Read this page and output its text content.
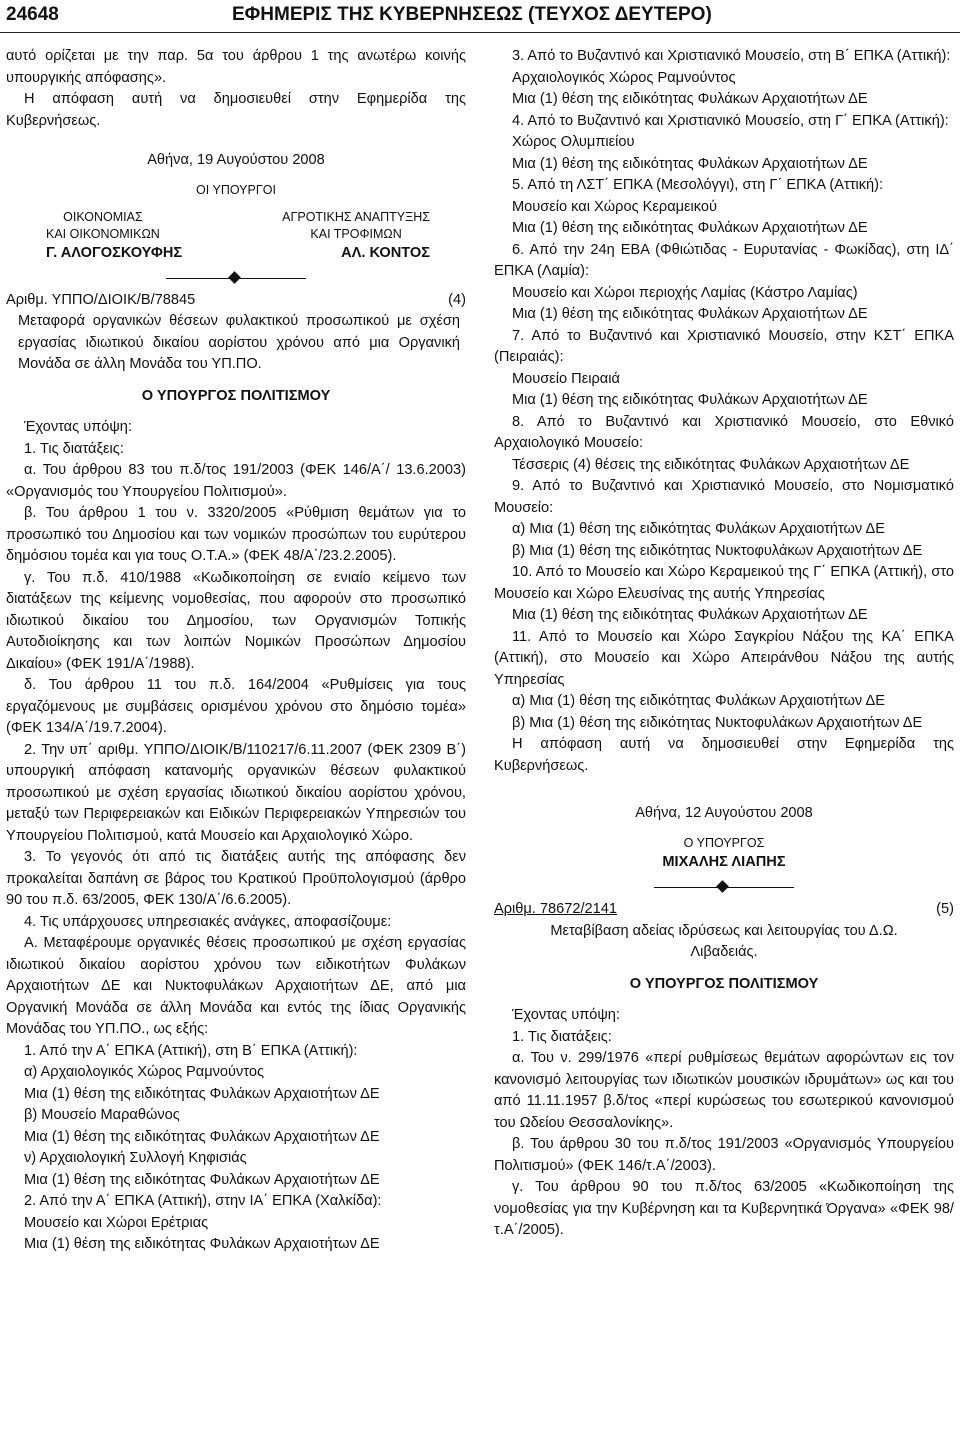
24648	ΕΦΗΜΕΡΙΣ ΤΗΣ ΚΥΒΕΡΝΗΣΕΩΣ (ΤΕΥΧΟΣ ΔΕΥΤΕΡΟ)

αυτό ορίζεται με την παρ. 5α του άρθρου 1 της ανωτέρω κοινής υπουργικής απόφασης».

Η απόφαση αυτή να δημοσιευθεί στην Εφημερίδα της Κυβερνήσεως.

Αθήνα, 19 Αυγούστου 2008

ΟΙ ΥΠΟΥΡΓΟΙ

ΟΙΚΟΝΟΜΙΑΣ
ΚΑΙ ΟΙΚΟΝΟΜΙΚΩΝ
ΑΓΡΟΤΙΚΗΣ ΑΝΑΠΤΥΞΗΣ
ΚΑΙ ΤΡΟΦΙΜΩΝ
Γ. ΑΛΟΓΟΣΚΟΥΦΗΣ	ΑΛ. ΚΟΝΤΟΣ
Αριθμ. ΥΠΠΟ/ΔΙΟΙΚ/Β/78845	(4)

Μεταφορά οργανικών θέσεων φυλακτικού προσωπικού με σχέση εργασίας ιδιωτικού δικαίου αορίστου χρόνου από μια Οργανική Μονάδα σε άλλη Μονάδα του ΥΠ.ΠΟ.

Ο ΥΠΟΥΡΓΟΣ ΠΟΛΙΤΙΣΜΟΥ

Έχοντας υπόψη:

1. Τις διατάξεις:

α. Του άρθρου 83 του π.δ/τος 191/2003 (ΦΕΚ 146/Α΄/ 13.6.2003) «Οργανισμός του Υπουργείου Πολιτισμού».

β. Του άρθρου 1 του ν. 3320/2005 «Ρύθμιση θεμάτων για το προσωπικό του Δημοσίου και των νομικών προσώπων του ευρύτερου δημόσιου τομέα και για τους Ο.Τ.Α.» (ΦΕΚ 48/Α΄/23.2.2005).

γ. Του π.δ. 410/1988 «Κωδικοποίηση σε ενιαίο κείμενο των διατάξεων της κείμενης νομοθεσίας, που αφορούν στο προσωπικό ιδιωτικού δικαίου του Δημοσίου, των Οργανισμών Τοπικής Αυτοδιοίκησης και των λοιπών Νομικών Προσώπων Δημοσίου Δικαίου» (ΦΕΚ 191/Α΄/1988).

δ. Του άρθρου 11 του π.δ. 164/2004 «Ρυθμίσεις για τους εργαζόμενους με συμβάσεις ορισμένου χρόνου στο δημόσιο τομέα» (ΦΕΚ 134/Α΄/19.7.2004).

2. Την υπ΄ αριθμ. ΥΠΠΟ/ΔΙΟΙΚ/Β/110217/6.11.2007 (ΦΕΚ 2309 Β΄) υπουργική απόφαση κατανομής οργανικών θέσεων φυλακτικού προσωπικού με σχέση εργασίας ιδιωτικού δικαίου αορίστου χρόνου, μεταξύ των Περιφερειακών και Ειδικών Περιφερειακών Υπηρεσιών του Υπουργείου Πολιτισμού, κατά Μουσείο και Αρχαιολογικό Χώρο.

3. Το γεγονός ότι από τις διατάξεις αυτής της απόφασης δεν προκαλείται δαπάνη σε βάρος του Κρατικού Προϋπολογισμού (άρθρο 90 του π.δ. 63/2005, ΦΕΚ 130/Α΄/6.6.2005).

4. Τις υπάρχουσες υπηρεσιακές ανάγκες, αποφασίζουμε:

Α. Μεταφέρουμε οργανικές θέσεις προσωπικού με σχέση εργασίας ιδιωτικού δικαίου αορίστου χρόνου των ειδικοτήτων Φυλάκων Αρχαιοτήτων ΔΕ και Νυκτοφυλάκων Αρχαιοτήτων ΔΕ, από μια Οργανική Μονάδα σε άλλη Μονάδα και εντός της ίδιας Οργανικής Μονάδας του ΥΠ.ΠΟ., ως εξής:

1. Από την Α΄ ΕΠΚΑ (Αττική), στη Β΄ ΕΠΚΑ (Αττική):

α) Αρχαιολογικός Χώρος Ραμνούντος

Μια (1) θέση της ειδικότητας Φυλάκων Αρχαιοτήτων ΔΕ

β) Μουσείο Μαραθώνος

Μια (1) θέση της ειδικότητας Φυλάκων Αρχαιοτήτων ΔΕ

ν) Αρχαιολογική Συλλογή Κηφισιάς

Μια (1) θέση της ειδικότητας Φυλάκων Αρχαιοτήτων ΔΕ

2. Από την Α΄ ΕΠΚΑ (Αττική), στην ΙΑ΄ ΕΠΚΑ (Χαλκίδα):

Μουσείο και Χώροι Ερέτριας

Μια (1) θέση της ειδικότητας Φυλάκων Αρχαιοτήτων ΔΕ

3. Από το Βυζαντινό και Χριστιανικό Μουσείο, στη Β΄ ΕΠΚΑ (Αττική):

Αρχαιολογικός Χώρος Ραμνούντος

Μια (1) θέση της ειδικότητας Φυλάκων Αρχαιοτήτων ΔΕ

4. Από το Βυζαντινό και Χριστιανικό Μουσείο, στη Γ΄ ΕΠΚΑ (Αττική):

Χώρος Ολυμπιείου

Μια (1) θέση της ειδικότητας Φυλάκων Αρχαιοτήτων ΔΕ

5. Από τη ΛΣΤ΄ ΕΠΚΑ (Μεσολόγγι), στη Γ΄ ΕΠΚΑ (Αττική):

Μουσείο και Χώρος Κεραμεικού

Μια (1) θέση της ειδικότητας Φυλάκων Αρχαιοτήτων ΔΕ

6. Από την 24η ΕΒΑ (Φθιώτιδας - Ευρυτανίας - Φωκίδας), στη ΙΔ΄ ΕΠΚΑ (Λαμία):

Μουσείο και Χώροι περιοχής Λαμίας (Κάστρο Λαμίας)

Μια (1) θέση της ειδικότητας Φυλάκων Αρχαιοτήτων ΔΕ

7. Από το Βυζαντινό και Χριστιανικό Μουσείο, στην ΚΣΤ΄ ΕΠΚΑ (Πειραιάς):

Μουσείο Πειραιά

Μια (1) θέση της ειδικότητας Φυλάκων Αρχαιοτήτων ΔΕ

8. Από το Βυζαντινό και Χριστιανικό Μουσείο, στο Εθνικό Αρχαιολογικό Μουσείο:

Τέσσερις (4) θέσεις της ειδικότητας Φυλάκων Αρχαιοτήτων ΔΕ

9. Από το Βυζαντινό και Χριστιανικό Μουσείο, στο Νομισματικό Μουσείο:

α) Μια (1) θέση της ειδικότητας Φυλάκων Αρχαιοτήτων ΔΕ

β) Μια (1) θέση της ειδικότητας Νυκτοφυλάκων Αρχαιοτήτων ΔΕ

10. Από το Μουσείο και Χώρο Κεραμεικού της Γ΄ ΕΠΚΑ (Αττική), στο Μουσείο και Χώρο Ελευσίνας της αυτής Υπηρεσίας

Μια (1) θέση της ειδικότητας Φυλάκων Αρχαιοτήτων ΔΕ

11. Από το Μουσείο και Χώρο Σαγκρίου Νάξου της ΚΑ΄ ΕΠΚΑ (Αττική), στο Μουσείο και Χώρο Απειράνθου Νάξου της αυτής Υπηρεσίας

α) Μια (1) θέση της ειδικότητας Φυλάκων Αρχαιοτήτων ΔΕ

β) Μια (1) θέση της ειδικότητας Νυκτοφυλάκων Αρχαιοτήτων ΔΕ

Η απόφαση αυτή να δημοσιευθεί στην Εφημερίδα της Κυβερνήσεως.

Αθήνα, 12 Αυγούστου 2008

Ο ΥΠΟΥΡΓΟΣ

ΜΙΧΑΛΗΣ ΛΙΑΠΗΣ

Αριθμ. 78672/2141	(5)

Μεταβίβαση αδείας ιδρύσεως και λειτουργίας του Δ.Ω. Λιβαδειάς.

Ο ΥΠΟΥΡΓΟΣ ΠΟΛΙΤΙΣΜΟΥ

Έχοντας υπόψη:

1. Τις διατάξεις:

α. Του ν. 299/1976 «περί ρυθμίσεως θεμάτων αφορώντων εις τον κανονισμό λειτουργίας των ιδιωτικών μουσικών ιδρυμάτων» ως και του από 11.11.1957 β.δ/τος «περί κυρώσεως του εσωτερικού κανονισμού του Ωδείου Θεσσαλονίκης».

β. Του άρθρου 30 του π.δ/τος 191/2003 «Οργανισμός Υπουργείου Πολιτισμού» (ΦΕΚ 146/τ.Α΄/2003).

γ. Του άρθρου 90 του π.δ/τος 63/2005 «Κωδικοποίηση της νομοθεσίας για την Κυβέρνηση και τα Κυβερνητικά Όργανα» «ΦΕΚ 98/τ.Α΄/2005).
